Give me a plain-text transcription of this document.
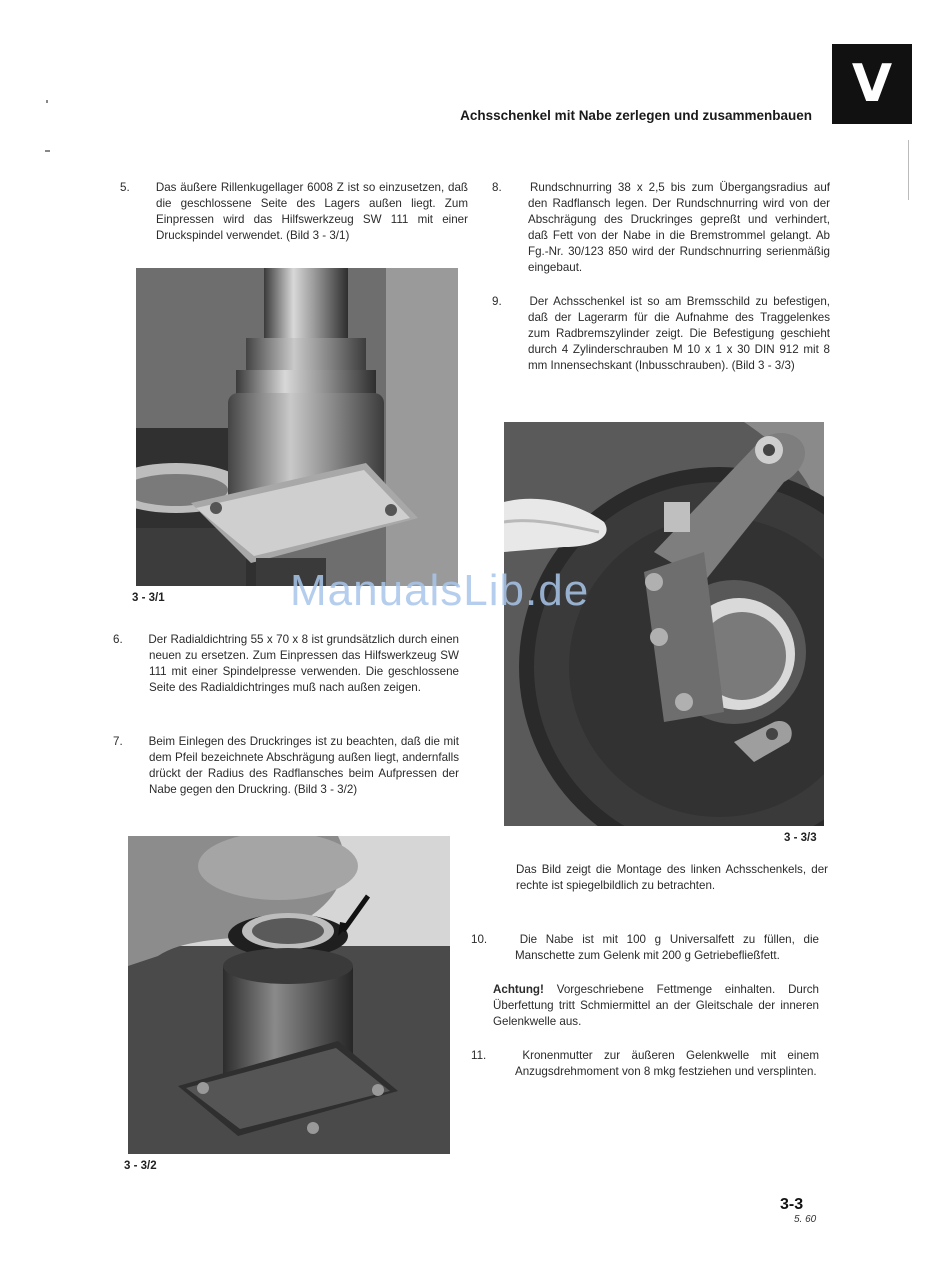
V
Achsschenkel mit Nabe zerlegen und zusammenbauen

5. Das äußere Rillenkugellager 6008 Z ist so einzusetzen, daß die geschlossene Seite des Lagers außen liegt. Zum Einpressen wird das Hilfswerkzeug SW 111 mit einer Druckspindel verwendet. (Bild 3 - 3/1)

3 - 3/1

6. Der Radialdichtring 55 x 70 x 8 ist grundsätzlich durch einen neuen zu ersetzen. Zum Einpressen das Hilfswerkzeug SW 111 mit einer Spindelpresse verwenden. Die geschlossene Seite des Radialdichtringes muß nach außen zeigen.

7. Beim Einlegen des Druckringes ist zu beachten, daß die mit dem Pfeil bezeichnete Abschrägung außen liegt, andernfalls drückt der Radius des Radflansches beim Aufpressen der Nabe gegen den Druckring. (Bild 3 - 3/2)

3 - 3/2

8. Rundschnurring 38 x 2,5 bis zum Übergangsradius auf den Radflansch legen. Der Rundschnurring wird von der Abschrägung des Druckringes gepreßt und verhindert, daß Fett von der Nabe in die Bremstrommel gelangt. Ab Fg.-Nr. 30/123 850 wird der Rundschnurring serienmäßig eingebaut.

9. Der Achsschenkel ist so am Bremsschild zu befestigen, daß der Lagerarm für die Aufnahme des Traggelenkes zum Radbremszylinder zeigt. Die Befestigung geschieht durch 4 Zylinderschrauben M 10 x 1 x 30 DIN 912 mit 8 mm Innensechskant (Inbusschrauben). (Bild 3 - 3/3)

3 - 3/3

Das Bild zeigt die Montage des linken Achsschenkels, der rechte ist spiegelbildlich zu betrachten.

10.	Die Nabe ist mit 100 g Universalfett zu füllen, die Manschette zum Gelenk mit 200 g Getriebefließfett.

Achtung! Vorgeschriebene Fettmenge einhalten. Durch Überfettung tritt Schmiermittel an der Gleitschale der inneren Gelenkwelle aus.

11.	Kronenmutter zur äußeren Gelenkwelle mit einem Anzugsdrehmoment von 8 mkg festziehen und versplinten.

ManualsLib.de
3-3
5. 60
